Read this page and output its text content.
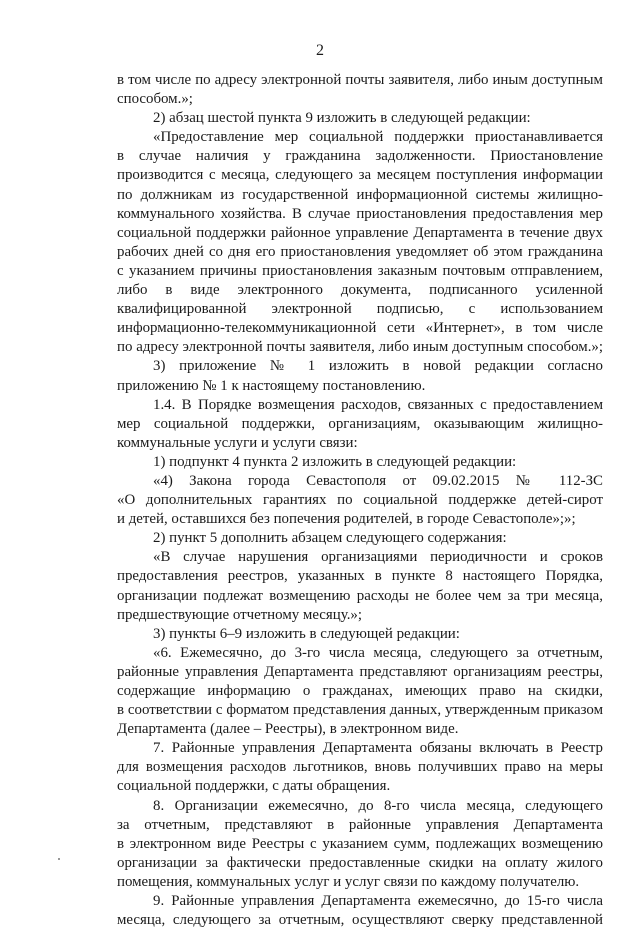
2
в том числе по адресу электронной почты заявителя, либо иным доступным
способом.»;
2) абзац шестой пункта 9 изложить в следующей редакции:
«Предоставление мер социальной поддержки приостанавливается
в случае наличия у гражданина задолженности. Приостановление
производится с месяца, следующего за месяцем поступления информации
по должникам из государственной информационной системы жилищно-
коммунального хозяйства. В случае приостановления предоставления мер
социальной поддержки районное управление Департамента в течение двух
рабочих дней со дня его приостановления уведомляет об этом гражданина
с указанием причины приостановления заказным почтовым отправлением,
либо в виде электронного документа, подписанного усиленной
квалифицированной электронной подписью, с использованием
информационно-телекоммуникационной сети «Интернет», в том числе
по адресу электронной почты заявителя, либо иным доступным способом.»;
3) приложение № 1 изложить в новой редакции согласно
приложению № 1 к настоящему постановлению.
1.4. В Порядке возмещения расходов, связанных с предоставлением
мер социальной поддержки, организациям, оказывающим жилищно-
коммунальные услуги и услуги связи:
1) подпункт 4 пункта 2 изложить в следующей редакции:
«4) Закона города Севастополя от 09.02.2015 № 112-ЗС
«О дополнительных гарантиях по социальной поддержке детей-сирот
и детей, оставшихся без попечения родителей, в городе Севастополе»;»;
2) пункт 5 дополнить абзацем следующего содержания:
«В случае нарушения организациями периодичности и сроков
предоставления реестров, указанных в пункте 8 настоящего Порядка,
организации подлежат возмещению расходы не более чем за три месяца,
предшествующие отчетному месяцу.»;
3) пункты 6–9 изложить в следующей редакции:
«6. Ежемесячно, до 3-го числа месяца, следующего за отчетным,
районные управления Департамента представляют организациям реестры,
содержащие информацию о гражданах, имеющих право на скидки,
в соответствии с форматом представления данных, утвержденным приказом
Департамента (далее – Реестры), в электронном виде.
7. Районные управления Департамента обязаны включать в Реестр
для возмещения расходов льготников, вновь получивших право на меры
социальной поддержки, с даты обращения.
8. Организации ежемесячно, до 8-го числа месяца, следующего
за отчетным, представляют в районные управления Департамента
в электронном виде Реестры с указанием сумм, подлежащих возмещению
организации за фактически предоставленные скидки на оплату жилого
помещения, коммунальных услуг и услуг связи по каждому получателю.
9. Районные управления Департамента ежемесячно, до 15-го числа
месяца, следующего за отчетным, осуществляют сверку представленной
